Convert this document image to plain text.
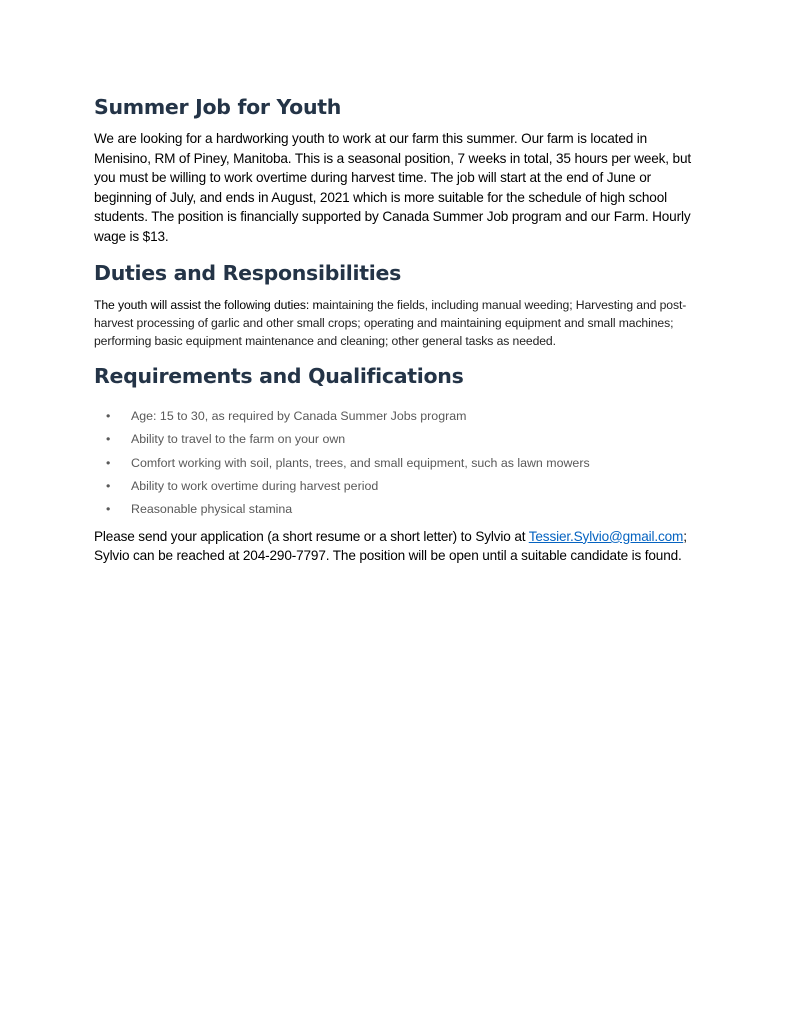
Summer Job for Youth

We are looking for a hardworking youth to work at our farm this summer. Our farm is located in Menisino, RM of Piney, Manitoba. This is a seasonal position, 7 weeks in total, 35 hours per week, but you must be willing to work overtime during harvest time. The job will start at the end of June or beginning of July, and ends in August, 2021 which is more suitable for the schedule of high school students. The position is financially supported by Canada Summer Job program and our Farm. Hourly wage is $13.

Duties and Responsibilities

The youth will assist the following duties: maintaining the fields, including manual weeding; Harvesting and post-harvest processing of garlic and other small crops; operating and maintaining equipment and small machines; performing basic equipment maintenance and cleaning; other general tasks as needed.

Requirements and Qualifications
• Age: 15 to 30, as required by Canada Summer Jobs program
• Ability to travel to the farm on your own
• Comfort working with soil, plants, trees, and small equipment, such as lawn mowers
• Ability to work overtime during harvest period
• Reasonable physical stamina

Please send your application (a short resume or a short letter) to Sylvio at Tessier.Sylvio@gmail.com; Sylvio can be reached at 204-290-7797. The position will be open until a suitable candidate is found.
